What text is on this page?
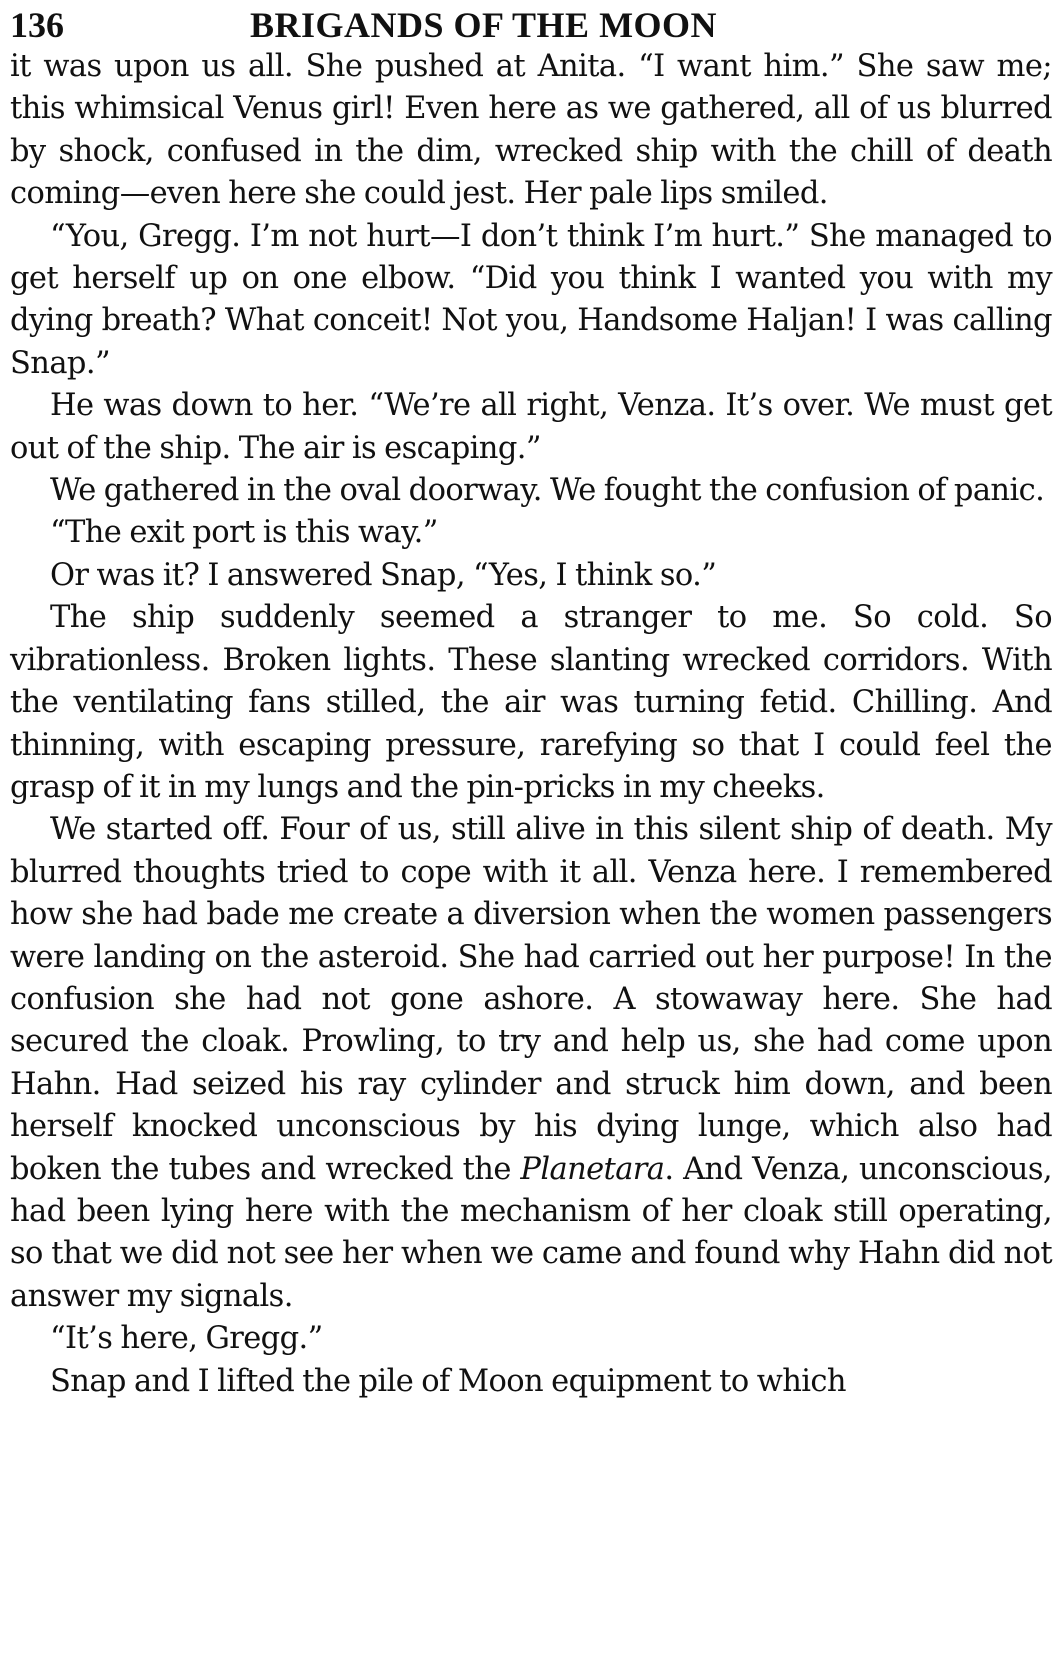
136	BRIGANDS OF THE MOON

it was upon us all. She pushed at Anita. “I want him.” She saw me; this whimsical Venus girl! Even here as we gathered, all of us blurred by shock, confused in the dim, wrecked ship with the chill of death coming—even here she could jest. Her pale lips smiled.

“You, Gregg. I’m not hurt—I don’t think I’m hurt.” She managed to get herself up on one elbow. “Did you think I wanted you with my dying breath? What conceit! Not you, Handsome Haljan! I was calling Snap.”

He was down to her. “We’re all right, Venza. It’s over. We must get out of the ship. The air is escaping.”

We gathered in the oval doorway. We fought the confusion of panic.

“The exit port is this way.”

Or was it? I answered Snap, “Yes, I think so.”

The ship suddenly seemed a stranger to me. So cold. So vibrationless. Broken lights. These slanting wrecked corridors. With the ventilating fans stilled, the air was turning fetid. Chilling. And thinning, with escaping pressure, rarefying so that I could feel the grasp of it in my lungs and the pin-pricks in my cheeks.

We started off. Four of us, still alive in this silent ship of death. My blurred thoughts tried to cope with it all. Venza here. I remembered how she had bade me create a diversion when the women passengers were landing on the asteroid. She had carried out her purpose! In the confusion she had not gone ashore. A stowaway here. She had secured the cloak. Prowling, to try and help us, she had come upon Hahn. Had seized his ray cylinder and struck him down, and been herself knocked unconscious by his dying lunge, which also had boken the tubes and wrecked the Planetara. And Venza, unconscious, had been lying here with the mechanism of her cloak still operating, so that we did not see her when we came and found why Hahn did not answer my signals.

“It’s here, Gregg.”

Snap and I lifted the pile of Moon equipment to which
